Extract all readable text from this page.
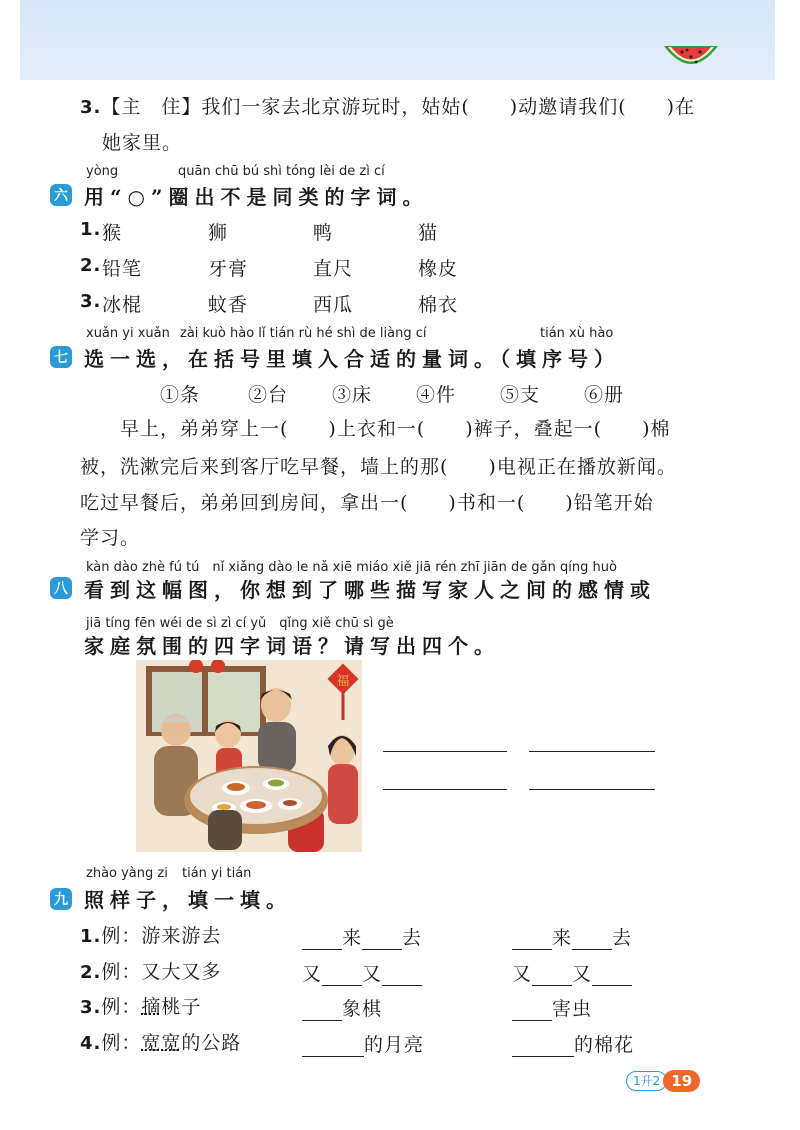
3.【主　住】我们一家去北京游玩时，姑姑(　　)动邀请我们(　　)在
她家里。
yòng	quān chū bú shì tóng lèi de zì cí
六 用“○”圈出不是同类的字词。
1. 猴	狮	鸭	猫
2. 铅笔	牙膏	直尺	橡皮
3. 冰棍	蚊香	西瓜	棉衣
xuǎn yi xuǎn zài kuò hào lǐ tián rù hé shì de liàng cí	tián xù hào
七 选一选，在括号里填入合适的量词。（填序号）
①条	②台 ③床 ④件 ⑤支 ⑥册
早上，弟弟穿上一(　　)上衣和一(　　)裤子，叠起一(　　)棉
被，洗漱完后来到客厅吃早餐，墙上的那(　　)电视正在播放新闻。
吃过早餐后，弟弟回到房间，拿出一(　　)书和一(　　)铅笔开始
学习。
kàn dào zhè fú tú　nǐ xiǎng dào le nǎ xiē miáo xiě jiā rén zhī jiān de gǎn qíng huò
八 看到这幅图，你想到了哪些描写家人之间的感情或
jiā tíng fēn wéi de sì zì cí yǔ　qǐng xiě chū sì gè
家庭氛围的四字词语？请写出四个。
福
zhào yàng zi tián yi tián
九 照样子，填一填。
1.例：游来游去	来 去	来 去
2.例：又大又多	又 又	又 又
3.例：摘桃子	象棋	害虫
4.例：宽宽的公路	的月亮	的棉花
1升2 19
